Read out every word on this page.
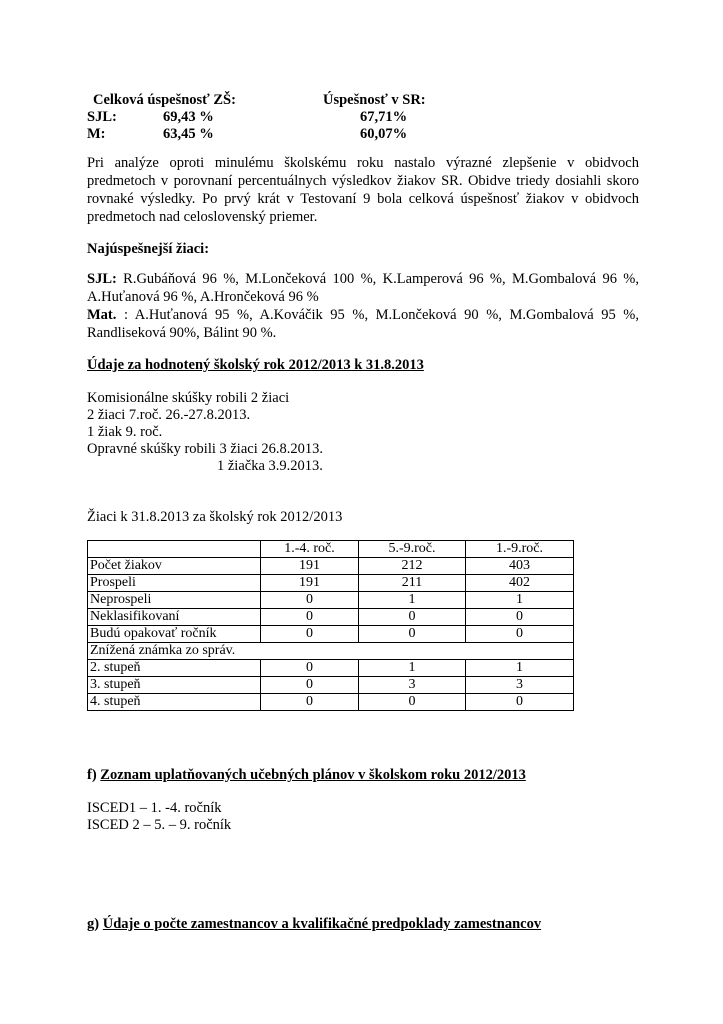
Celková úspešnosť ZŠ:	Úspešnosť v SR:
SJL:	69,43 %	67,71%
M:	63,45 %	60,07%
Pri analýze oproti minulému školskému roku nastalo výrazné zlepšenie v obidvoch predmetoch v porovnaní percentuálnych výsledkov žiakov SR. Obidve triedy dosiahli skoro rovnaké výsledky. Po prvý krát v Testovaní 9 bola celková úspešnosť žiakov v obidvoch predmetoch nad celoslovenský priemer.
Najúspešnejší žiaci:
SJL: R.Gubáňová 96 %, M.Lončeková 100 %, K.Lamperová 96 %, M.Gombalová 96 %, A.Huťanová 96 %, A.Hrončeková 96 %
Mat. : A.Huťanová 95 %, A.Kováčik 95 %, M.Lončeková 90 %, M.Gombalová 95 %, Randliseková 90%, Bálint 90 %.
Údaje za hodnotený školský rok 2012/2013 k 31.8.2013
Komisionálne skúšky robili 2 žiaci
2 žiaci 7.roč. 26.-27.8.2013.
1 žiak 9. roč.
Opravné skúšky robili 3 žiaci 26.8.2013.
1 žiačka 3.9.2013.
Žiaci k 31.8.2013 za školský rok 2012/2013
	1.-4. roč.	5.-9.roč.	1.-9.roč.
Počet žiakov	191	212	403
Prospeli	191	211	402
Neprospeli	0	1	1
Neklasifikovaní	0	0	0
Budú opakovať ročník	0	0	0
Znížená známka zo správ.			
2. stupeň	0	1	1
3. stupeň	0	3	3
4. stupeň	0	0	0
f) Zoznam uplatňovaných učebných plánov v školskom roku 2012/2013
ISCED1 – 1. -4. ročník
ISCED 2 – 5. – 9. ročník
g) Údaje o počte zamestnancov a kvalifikačné predpoklady zamestnancov
